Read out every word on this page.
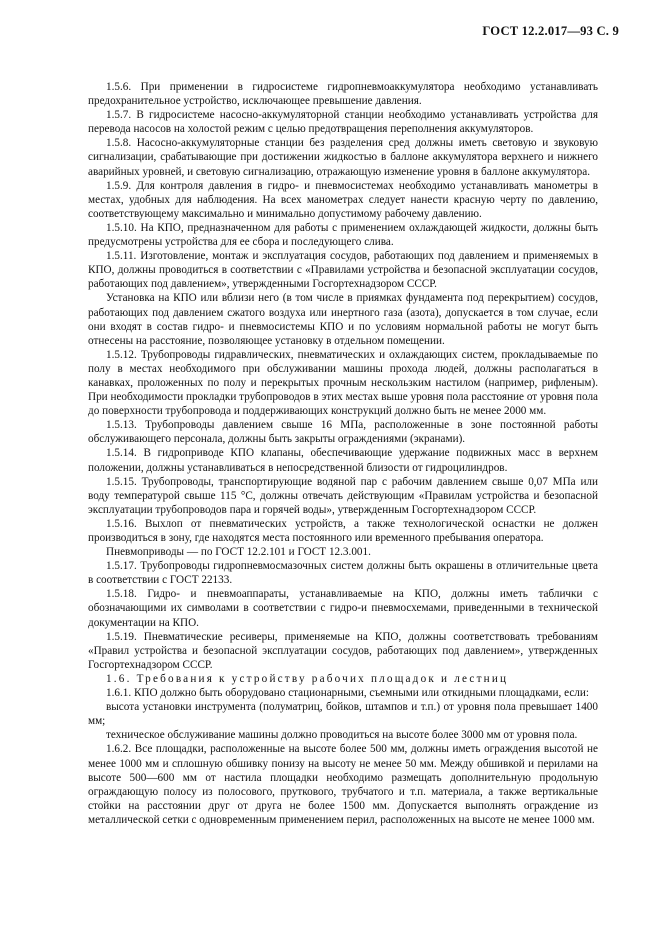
ГОСТ 12.2.017—93 С. 9

1.5.6. При применении в гидросистеме гидропневмоаккумулятора необходимо устанавливать предохранительное устройство, исключающее превышение давления.

1.5.7. В гидросистеме насосно-аккумуляторной станции необходимо устанавливать устройства для перевода насосов на холостой режим с целью предотвращения переполнения аккумуляторов.

1.5.8. Насосно-аккумуляторные станции без разделения сред должны иметь световую и звуковую сигнализации, срабатывающие при достижении жидкостью в баллоне аккумулятора верхнего и нижнего аварийных уровней, и световую сигнализацию, отражающую изменение уровня в баллоне аккумулятора.

1.5.9. Для контроля давления в гидро- и пневмосистемах необходимо устанавливать манометры в местах, удобных для наблюдения. На всех манометрах следует нанести красную черту по давлению, соответствующему максимально и минимально допустимому рабочему давлению.

1.5.10. На КПО, предназначенном для работы с применением охлаждающей жидкости, должны быть предусмотрены устройства для ее сбора и последующего слива.

1.5.11. Изготовление, монтаж и эксплуатация сосудов, работающих под давлением и применяемых в КПО, должны проводиться в соответствии с «Правилами устройства и безопасной эксплуатации сосудов, работающих под давлением», утвержденными Госгортехнадзором СССР.

Установка на КПО или вблизи него (в том числе в приямках фундамента под перекрытием) сосудов, работающих под давлением сжатого воздуха или инертного газа (азота), допускается в том случае, если они входят в состав гидро- и пневмосистемы КПО и по условиям нормальной работы не могут быть отнесены на расстояние, позволяющее установку в отдельном помещении.

1.5.12. Трубопроводы гидравлических, пневматических и охлаждающих систем, прокладываемые по полу в местах необходимого при обслуживании машины прохода людей, должны располагаться в канавках, проложенных по полу и перекрытых прочным нескользким настилом (например, рифленым). При необходимости прокладки трубопроводов в этих местах выше уровня пола расстояние от уровня пола до поверхности трубопровода и поддерживающих конструкций должно быть не менее 2000 мм.

1.5.13. Трубопроводы давлением свыше 16 МПа, расположенные в зоне постоянной работы обслуживающего персонала, должны быть закрыты ограждениями (экранами).

1.5.14. В гидроприводе КПО клапаны, обеспечивающие удержание подвижных масс в верхнем положении, должны устанавливаться в непосредственной близости от гидроцилиндров.

1.5.15. Трубопроводы, транспортирующие водяной пар с рабочим давлением свыше 0,07 МПа или воду температурой свыше 115 °С, должны отвечать действующим «Правилам устройства и безопасной эксплуатации трубопроводов пара и горячей воды», утвержденным Госгортехнадзором СССР.

1.5.16. Выхлоп от пневматических устройств, а также технологической оснастки не должен производиться в зону, где находятся места постоянного или временного пребывания оператора.

Пневмоприводы — по ГОСТ 12.2.101 и ГОСТ 12.3.001.

1.5.17. Трубопроводы гидропневмосмазочных систем должны быть окрашены в отличительные цвета в соответствии с ГОСТ 22133.

1.5.18. Гидро- и пневмоаппараты, устанавливаемые на КПО, должны иметь таблички с обозначающими их символами в соответствии с гидро-и пневмосхемами, приведенными в технической документации на КПО.

1.5.19. Пневматические ресиверы, применяемые на КПО, должны соответствовать требованиям «Правил устройства и безопасной эксплуатации сосудов, работающих под давлением», утвержденных Госгортехнадзором СССР.

1.6. Требования к устройству рабочих площадок и лестниц

1.6.1. КПО должно быть оборудовано стационарными, съемными или откидными площадками, если:

высота установки инструмента (полуматриц, бойков, штампов и т.п.) от уровня пола превышает 1400 мм;

техническое обслуживание машины должно проводиться на высоте более 3000 мм от уровня пола.

1.6.2. Все площадки, расположенные на высоте более 500 мм, должны иметь ограждения высотой не менее 1000 мм и сплошную обшивку понизу на высоту не менее 50 мм. Между обшивкой и перилами на высоте 500—600 мм от настила площадки необходимо размещать дополнительную продольную ограждающую полосу из полосового, пруткового, трубчатого и т.п. материала, а также вертикальные стойки на расстоянии друг от друга не более 1500 мм. Допускается выполнять ограждение из металлической сетки с одновременным применением перил, расположенных на высоте не менее 1000 мм.
